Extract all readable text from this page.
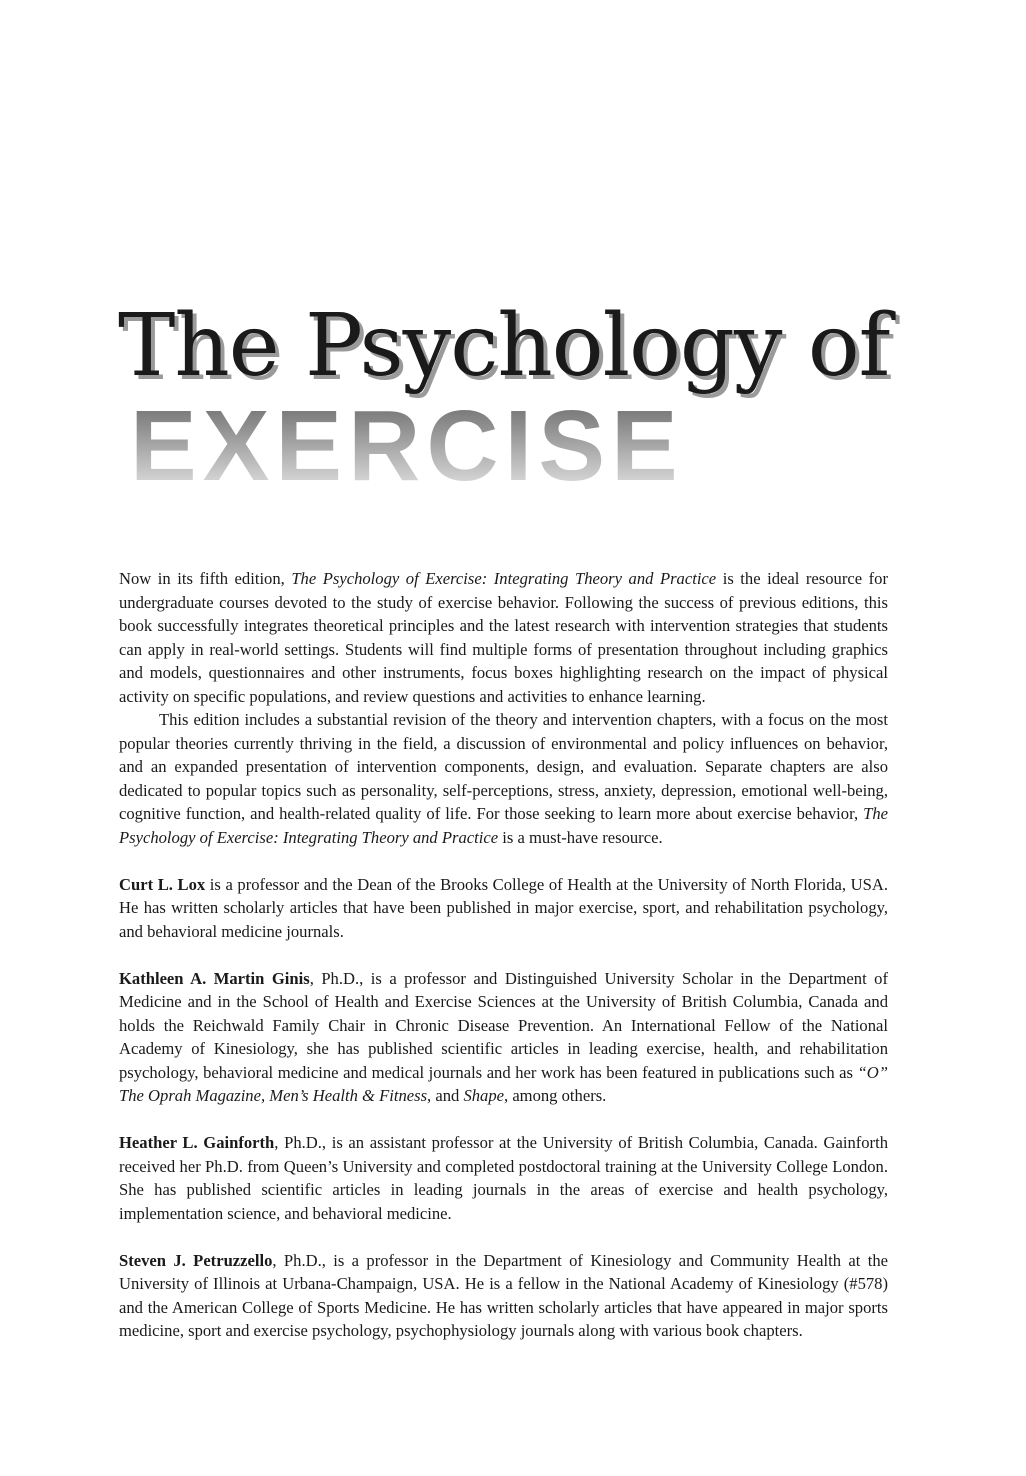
The Psychology of
EXERCISE

Now in its fifth edition, The Psychology of Exercise: Integrating Theory and Practice is the ideal resource for undergraduate courses devoted to the study of exercise behavior. Following the success of previous editions, this book successfully integrates theoretical principles and the latest research with intervention strategies that students can apply in real-world settings. Students will find multiple forms of presentation throughout including graphics and models, questionnaires and other instruments, focus boxes highlighting research on the impact of physical activity on specific populations, and review questions and activities to enhance learning.

This edition includes a substantial revision of the theory and intervention chapters, with a focus on the most popular theories currently thriving in the field, a discussion of environmental and policy influences on behavior, and an expanded presentation of intervention components, design, and evaluation. Separate chapters are also dedicated to popular topics such as personality, self-perceptions, stress, anxiety, depression, emotional well-being, cognitive function, and health-related quality of life. For those seeking to learn more about exercise behavior, The Psychology of Exercise: Integrating Theory and Practice is a must-have resource.

Curt L. Lox is a professor and the Dean of the Brooks College of Health at the University of North Florida, USA. He has written scholarly articles that have been published in major exercise, sport, and rehabilitation psychology, and behavioral medicine journals.

Kathleen A. Martin Ginis, Ph.D., is a professor and Distinguished University Scholar in the Department of Medicine and in the School of Health and Exercise Sciences at the University of British Columbia, Canada and holds the Reichwald Family Chair in Chronic Disease Prevention. An International Fellow of the National Academy of Kinesiology, she has published scientific articles in leading exercise, health, and rehabilitation psychology, behavioral medicine and medical journals and her work has been featured in publications such as “O” The Oprah Magazine, Men’s Health & Fitness, and Shape, among others.

Heather L. Gainforth, Ph.D., is an assistant professor at the University of British Columbia, Canada. Gainforth received her Ph.D. from Queen’s University and completed postdoctoral training at the University College London. She has published scientific articles in leading journals in the areas of exercise and health psychology, implementation science, and behavioral medicine.

Steven J. Petruzzello, Ph.D., is a professor in the Department of Kinesiology and Community Health at the University of Illinois at Urbana-Champaign, USA. He is a fellow in the National Academy of Kinesiology (#578) and the American College of Sports Medicine. He has written scholarly articles that have appeared in major sports medicine, sport and exercise psychology, psychophysiology journals along with various book chapters.
